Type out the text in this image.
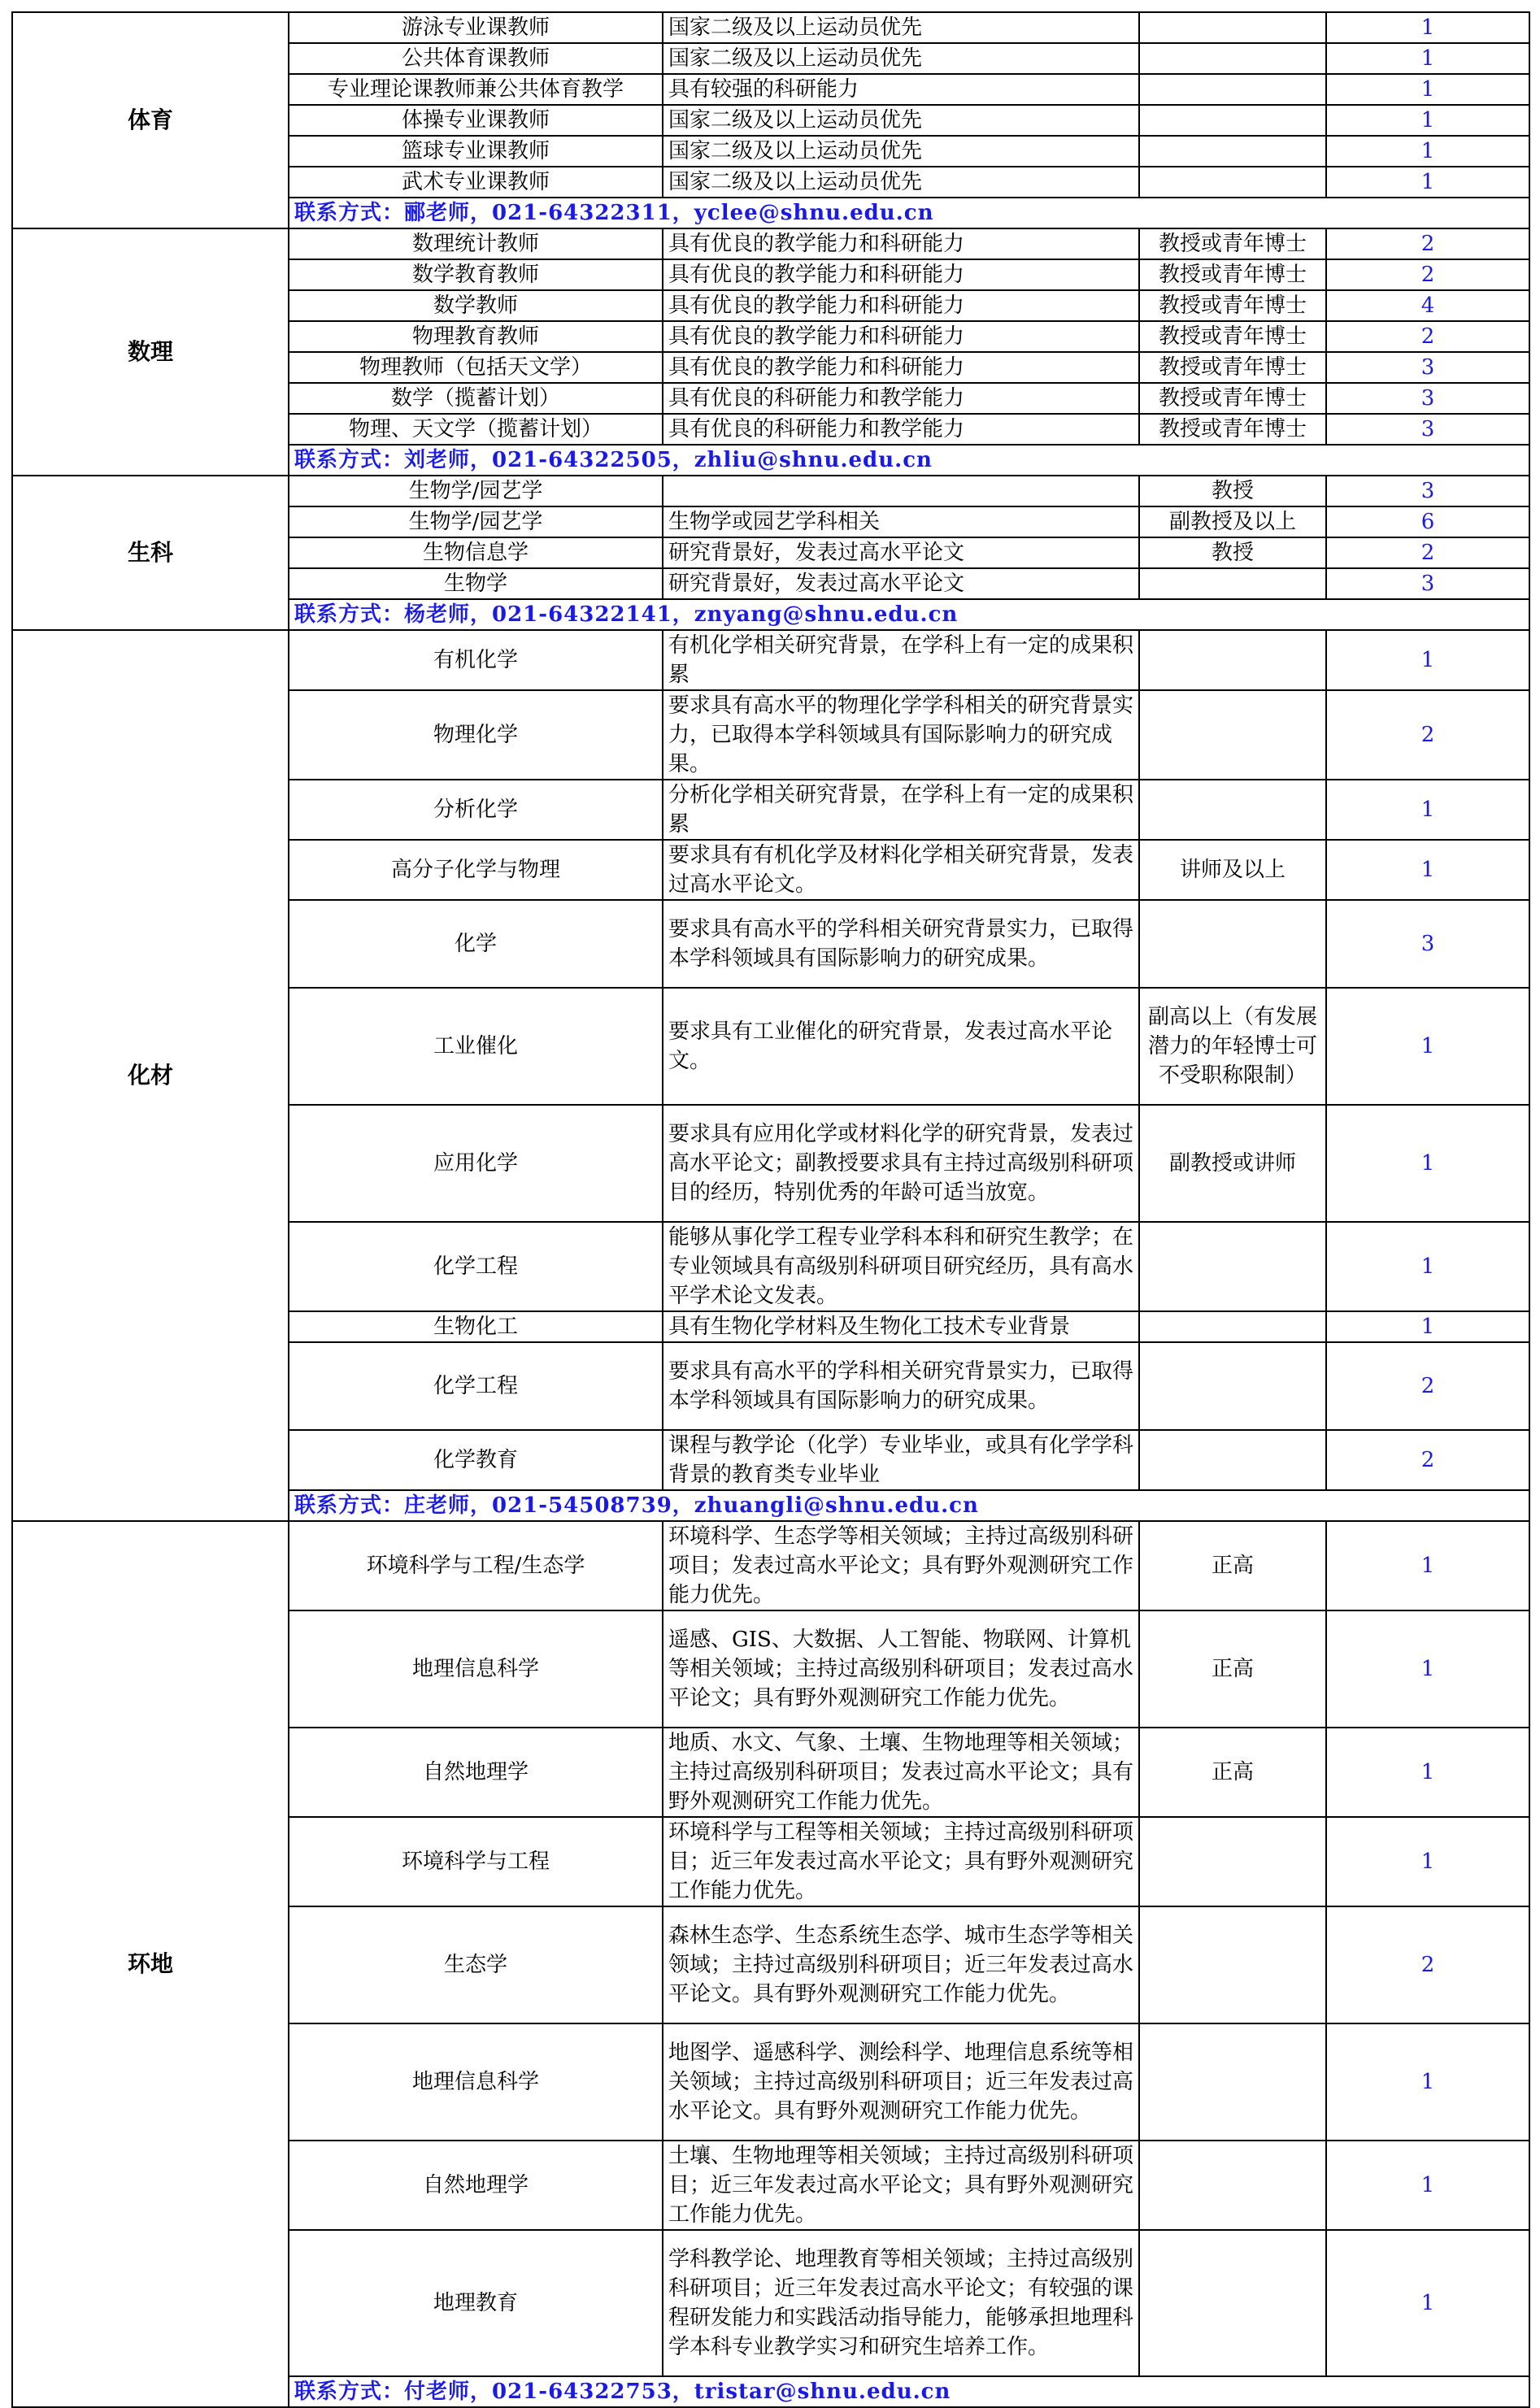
体育	游泳专业课教师	国家二级及以上运动员优先		1
	公共体育课教师	国家二级及以上运动员优先		1
	专业理论课教师兼公共体育教学	具有较强的科研能力		1
	体操专业课教师	国家二级及以上运动员优先		1
	篮球专业课教师	国家二级及以上运动员优先		1
	武术专业课教师	国家二级及以上运动员优先		1
	联系方式：郦老师，021-64322311，yclee@shnu.edu.cn			
数理	数理统计教师	具有优良的教学能力和科研能力	教授或青年博士	2
	数学教育教师	具有优良的教学能力和科研能力	教授或青年博士	2
	数学教师	具有优良的教学能力和科研能力	教授或青年博士	4
	物理教育教师	具有优良的教学能力和科研能力	教授或青年博士	2
	物理教师（包括天文学）	具有优良的教学能力和科研能力	教授或青年博士	3
	数学（揽蓄计划）	具有优良的科研能力和教学能力	教授或青年博士	3
	物理、天文学（揽蓄计划）	具有优良的科研能力和教学能力	教授或青年博士	3
	联系方式：刘老师，021-64322505，zhliu@shnu.edu.cn			
生科	生物学/园艺学		教授	3
	生物学/园艺学	生物学或园艺学科相关	副教授及以上	6
	生物信息学	研究背景好，发表过高水平论文	教授	2
	生物学	研究背景好，发表过高水平论文		3
	联系方式：杨老师，021-64322141，znyang@shnu.edu.cn			
化材	有机化学	有机化学相关研究背景，在学科上有一定的成果积累		1
	物理化学	要求具有高水平的物理化学学科相关的研究背景实力，已取得本学科领域具有国际影响力的研究成果。		2
	分析化学	分析化学相关研究背景，在学科上有一定的成果积累		1
	高分子化学与物理	要求具有有机化学及材料化学相关研究背景，发表过高水平论文。	讲师及以上	1
	化学	要求具有高水平的学科相关研究背景实力，已取得本学科领域具有国际影响力的研究成果。		3
	工业催化	要求具有工业催化的研究背景，发表过高水平论文。	副高以上（有发展潜力的年轻博士可不受职称限制）	1
	应用化学	要求具有应用化学或材料化学的研究背景，发表过高水平论文；副教授要求具有主持过高级别科研项目的经历，特别优秀的年龄可适当放宽。	副教授或讲师	1
	化学工程	能够从事化学工程专业学科本科和研究生教学；在专业领域具有高级别科研项目研究经历，具有高水平学术论文发表。		1
	生物化工	具有生物化学材料及生物化工技术专业背景		1
	化学工程	要求具有高水平的学科相关研究背景实力，已取得本学科领域具有国际影响力的研究成果。		2
	化学教育	课程与教学论（化学）专业毕业，或具有化学学科背景的教育类专业毕业		2
	联系方式：庄老师，021-54508739，zhuangli@shnu.edu.cn			
环地	环境科学与工程/生态学	环境科学、生态学等相关领域；主持过高级别科研项目；发表过高水平论文；具有野外观测研究工作能力优先。	正高	1
	地理信息科学	遥感、GIS、大数据、人工智能、物联网、计算机等相关领域；主持过高级别科研项目；发表过高水平论文；具有野外观测研究工作能力优先。	正高	1
	自然地理学	地质、水文、气象、土壤、生物地理等相关领域；主持过高级别科研项目；发表过高水平论文；具有野外观测研究工作能力优先。	正高	1
	环境科学与工程	环境科学与工程等相关领域；主持过高级别科研项目；近三年发表过高水平论文；具有野外观测研究工作能力优先。		1
	生态学	森林生态学、生态系统生态学、城市生态学等相关领域；主持过高级别科研项目；近三年发表过高水平论文。具有野外观测研究工作能力优先。		2
	地理信息科学	地图学、遥感科学、测绘科学、地理信息系统等相关领域；主持过高级别科研项目；近三年发表过高水平论文。具有野外观测研究工作能力优先。		1
	自然地理学	土壤、生物地理等相关领域；主持过高级别科研项目；近三年发表过高水平论文；具有野外观测研究工作能力优先。		1
	地理教育	学科教学论、地理教育等相关领域；主持过高级别科研项目；近三年发表过高水平论文；有较强的课程研发能力和实践活动指导能力，能够承担地理科学本科专业教学实习和研究生培养工作。		1
	联系方式：付老师，021-64322753，tristar@shnu.edu.cn			
